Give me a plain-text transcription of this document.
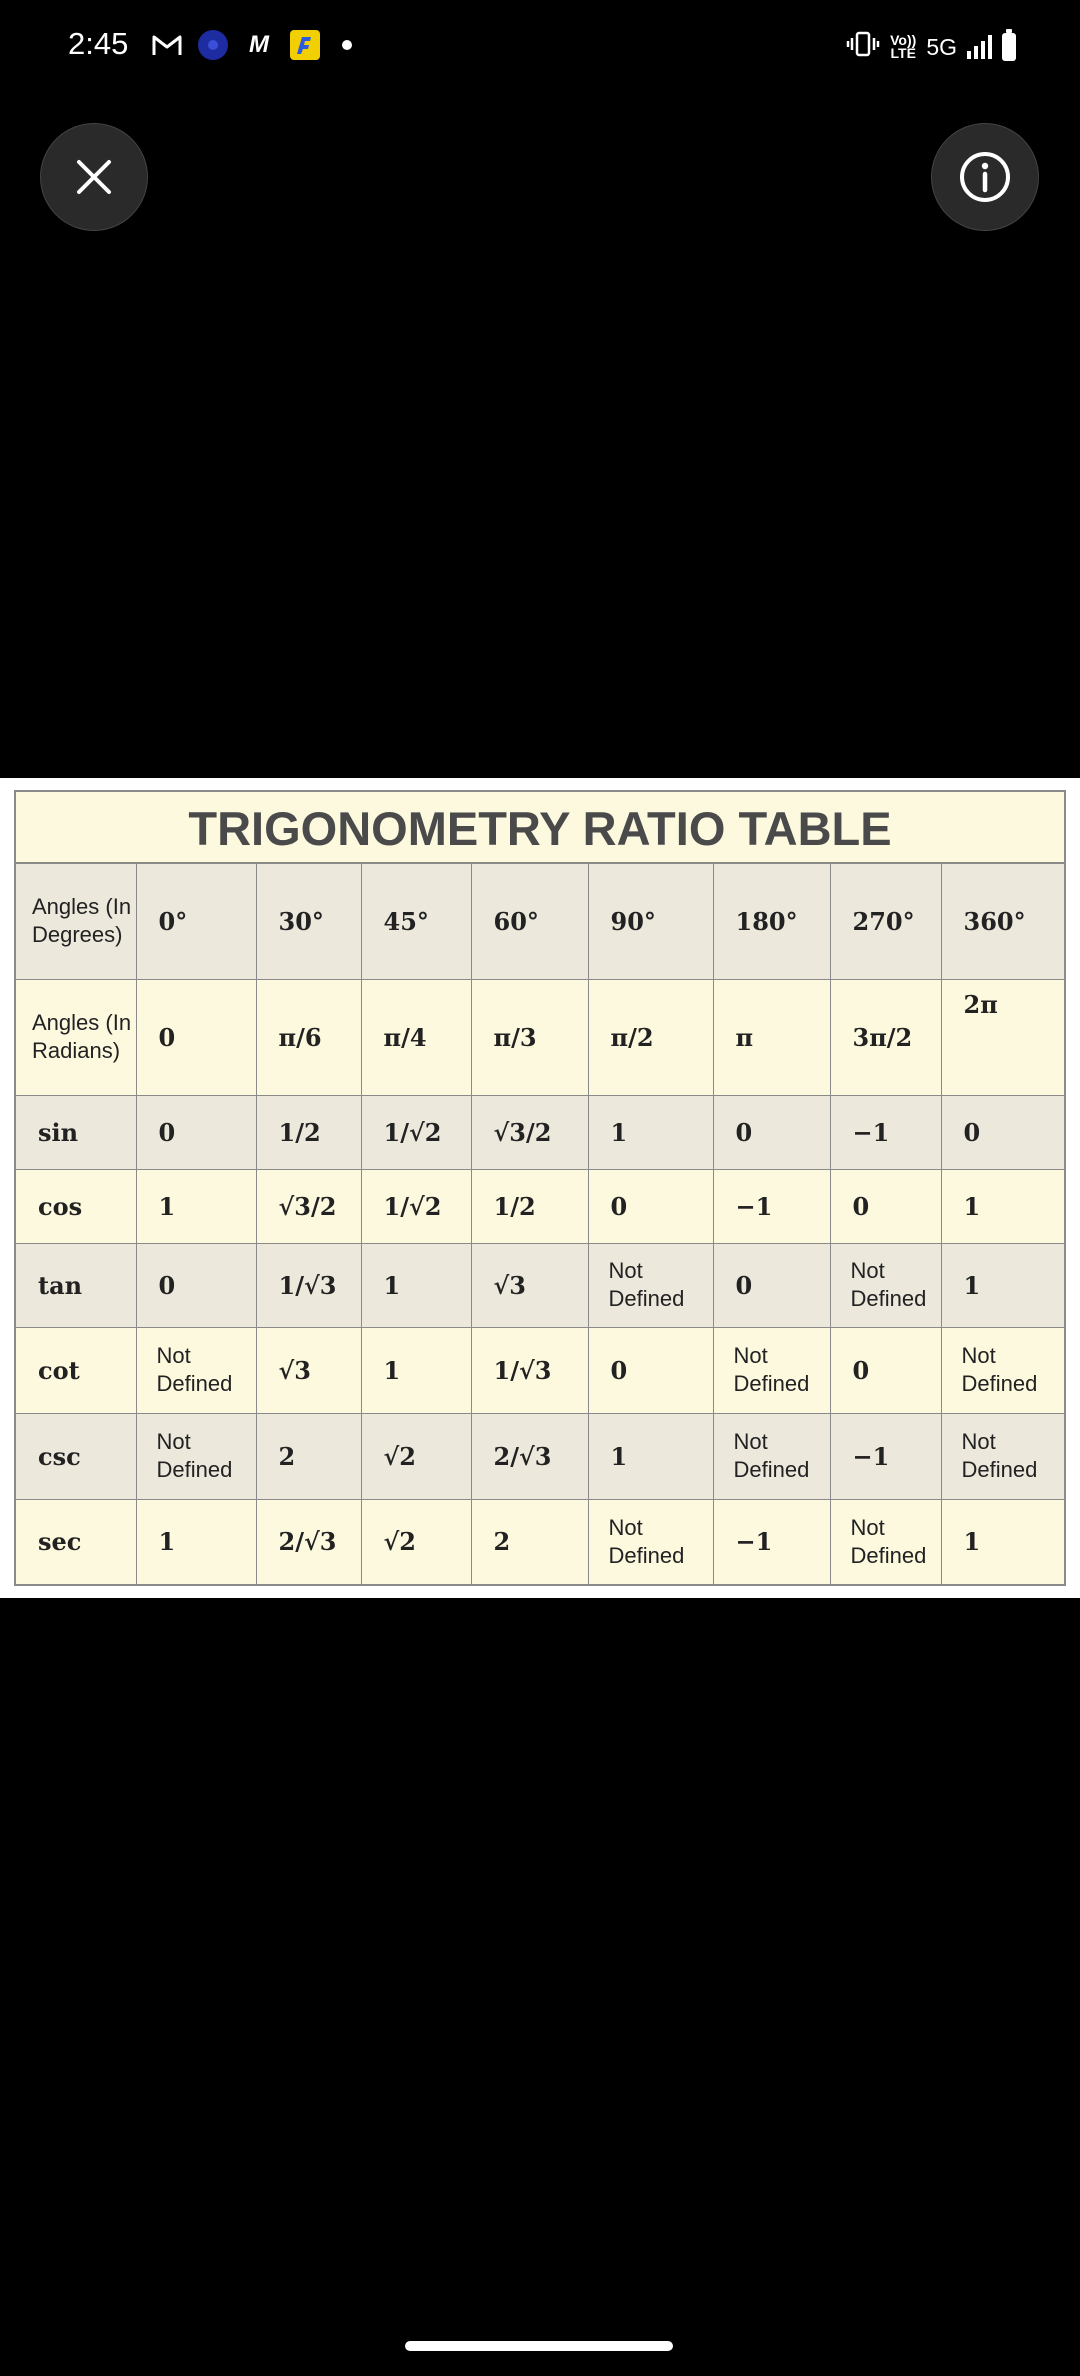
2:45	M	Vo))
LTE 5G
TRIGONOMETRY RATIO TABLE
Angles (In Degrees)	0°	30°	45°	60°	90°	180°	270°	360°
Angles (In Radians)	0	π/6	π/4	π/3	π/2	π	3π/2	2π
sin	0	1/2	1/√2	√3/2	1	0	−1	0
cos	1	√3/2	1/√2	1/2	0	−1	0	1
tan	0	1/√3	1	√3	Not Defined	0	Not Defined	1
cot	Not Defined	√3	1	1/√3	0	Not Defined	0	Not Defined
csc	Not Defined	2	√2	2/√3	1	Not Defined	−1	Not Defined
sec	1	2/√3	√2	2	Not Defined	−1	Not Defined	1
